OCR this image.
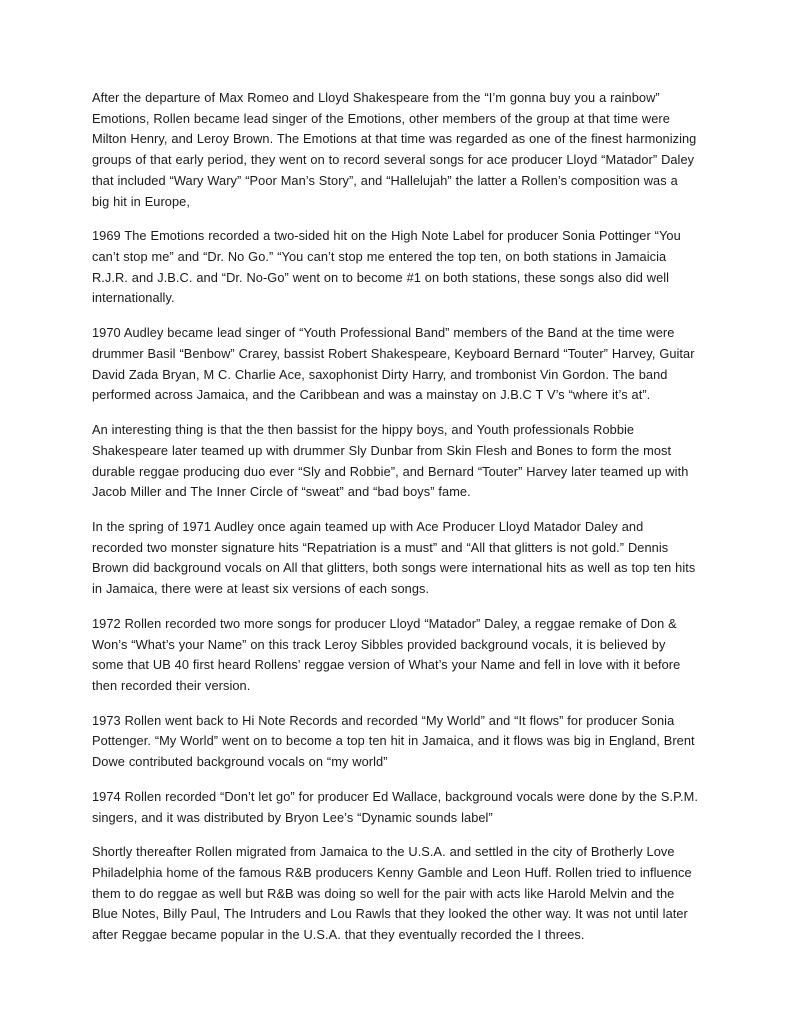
After the departure of Max Romeo and Lloyd Shakespeare from the “I’m gonna buy you a rainbow” Emotions, Rollen became lead singer of the Emotions, other members of the group at that time were Milton Henry, and Leroy Brown. The Emotions at that time was regarded as one of the finest harmonizing groups of that early period, they went on to record several songs for ace producer Lloyd “Matador” Daley that included “Wary Wary” “Poor Man’s Story”, and “Hallelujah” the latter a Rollen’s composition was a big hit in Europe,

1969 The Emotions recorded a two-sided hit on the High Note Label for producer Sonia Pottinger “You can’t stop me” and “Dr. No Go.” “You can’t stop me entered the top ten, on both stations in Jamaicia R.J.R. and J.B.C. and “Dr. No-Go” went on to become #1 on both stations, these songs also did well internationally.

1970 Audley became lead singer of “Youth Professional Band” members of the Band at the time were drummer Basil “Benbow” Crarey, bassist Robert Shakespeare, Keyboard Bernard “Touter” Harvey, Guitar David Zada Bryan, M C. Charlie Ace, saxophonist Dirty Harry, and trombonist Vin Gordon. The band performed across Jamaica, and the Caribbean and was a mainstay on J.B.C T V’s “where it’s at”.

An interesting thing is that the then bassist for the hippy boys, and Youth professionals Robbie Shakespeare later teamed up with drummer Sly Dunbar from Skin Flesh and Bones to form the most durable reggae producing duo ever “Sly and Robbie”, and Bernard “Touter” Harvey later teamed up with Jacob Miller and The Inner Circle of “sweat” and “bad boys” fame.

In the spring of 1971 Audley once again teamed up with Ace Producer Lloyd Matador Daley and recorded two monster signature hits “Repatriation is a must” and “All that glitters is not gold.” Dennis Brown did background vocals on All that glitters, both songs were international hits as well as top ten hits in Jamaica, there were at least six versions of each songs.

1972 Rollen recorded two more songs for producer Lloyd “Matador” Daley, a reggae remake of Don & Won’s “What’s your Name” on this track Leroy Sibbles provided background vocals, it is believed by some that UB 40 first heard Rollens’ reggae version of What’s your Name and fell in love with it before then recorded their version.

1973 Rollen went back to Hi Note Records and recorded “My World” and “It flows” for producer Sonia Pottenger. “My World” went on to become a top ten hit in Jamaica, and it flows was big in England, Brent Dowe contributed background vocals on “my world”

1974 Rollen recorded “Don’t let go” for producer Ed Wallace, background vocals were done by the S.P.M. singers, and it was distributed by Bryon Lee’s “Dynamic sounds label”

Shortly thereafter Rollen migrated from Jamaica to the U.S.A. and settled in the city of Brotherly Love Philadelphia home of the famous R&B producers Kenny Gamble and Leon Huff. Rollen tried to influence them to do reggae as well but R&B was doing so well for the pair with acts like Harold Melvin and the Blue Notes, Billy Paul, The Intruders and Lou Rawls that they looked the other way. It was not until later after Reggae became popular in the U.S.A. that they eventually recorded the I threes.
